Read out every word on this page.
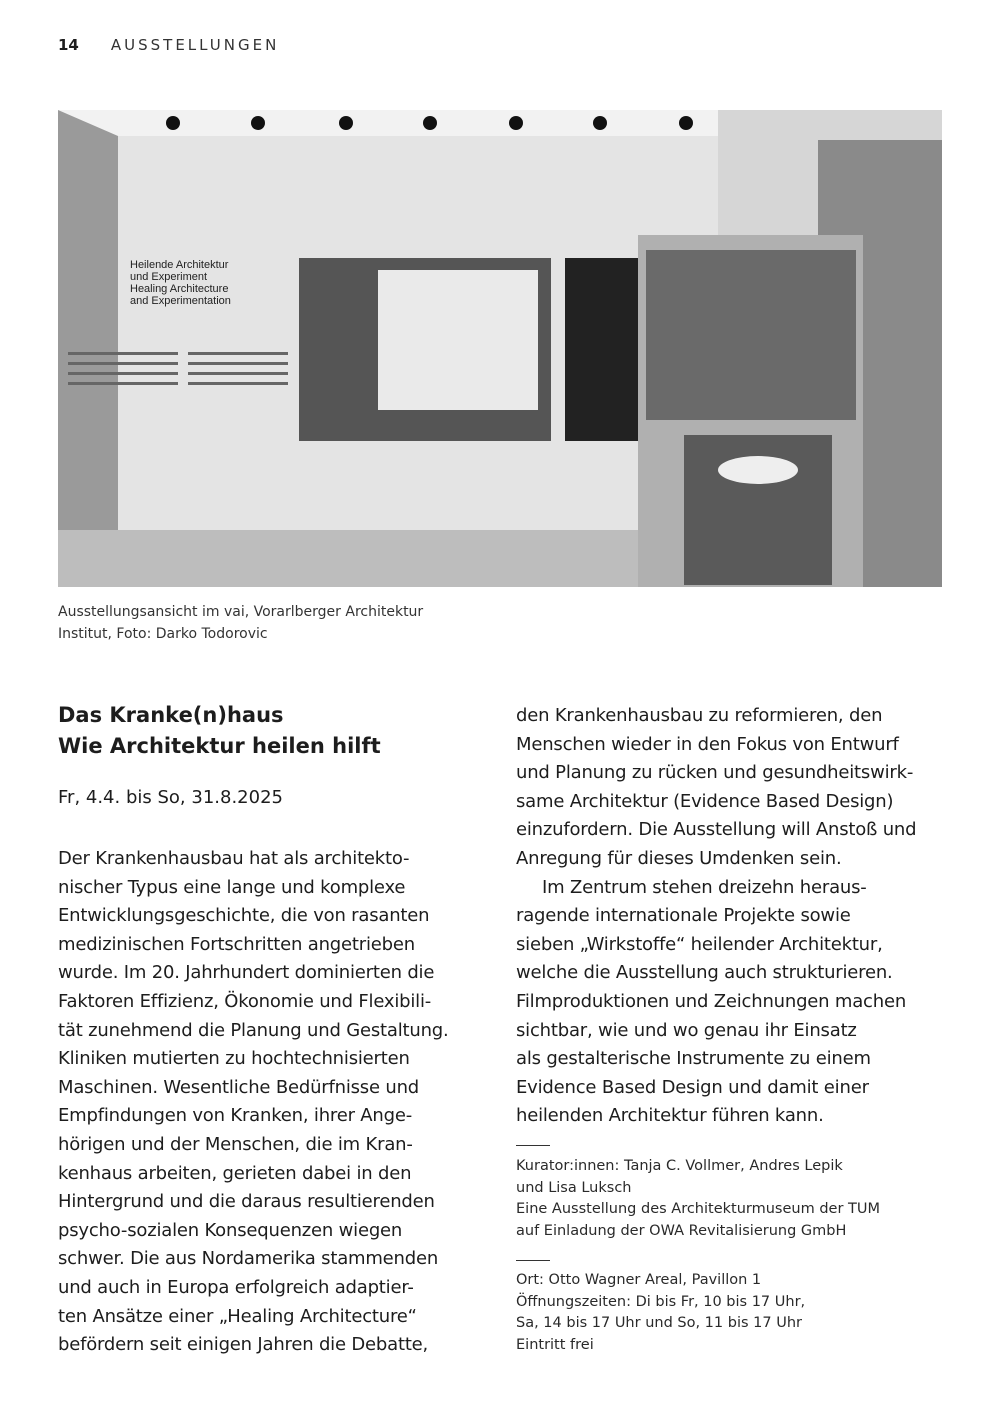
14 AUSSTELLUNGEN
Heilende Architektur
und Experiment
Healing Architecture
and Experimentation
Ausstellungsansicht im vai, Vorarlberger Architektur
Institut, Foto: Darko Todorovic
Das Kranke(n)haus
Wie Architektur heilen hilft
Fr, 4.4. bis So, 31.8.2025
Der Krankenhausbau hat als architekto-
nischer Typus eine lange und komplexe
Entwicklungsgeschichte, die von rasanten
medizinischen Fortschritten angetrieben
wurde. Im 20. Jahrhundert dominierten die
Faktoren Effizienz, Ökonomie und Flexibili-
tät zunehmend die Planung und Gestaltung.
Kliniken mutierten zu hochtechnisierten
Maschinen. Wesentliche Bedürfnisse und
Empfindungen von Kranken, ihrer Ange-
hörigen und der Menschen, die im Kran-
kenhaus arbeiten, gerieten dabei in den
Hintergrund und die daraus resultierenden
psycho-sozialen Konsequenzen wiegen
schwer. Die aus Nordamerika stammenden
und auch in Europa erfolgreich adaptier-
ten Ansätze einer „Healing Architecture“
befördern seit einigen Jahren die Debatte,
den Krankenhausbau zu reformieren, den
Menschen wieder in den Fokus von Entwurf
und Planung zu rücken und gesundheitswirk-
same Architektur (Evidence Based Design)
einzufordern. Die Ausstellung will Anstoß und
Anregung für dieses Umdenken sein.
Im Zentrum stehen dreizehn heraus-
ragende internationale Projekte sowie
sieben „Wirkstoffe“ heilender Architektur,
welche die Ausstellung auch strukturieren.
Filmproduktionen und Zeichnungen machen
sichtbar, wie und wo genau ihr Einsatz
als gestalterische Instrumente zu einem
Evidence Based Design und damit einer
heilenden Architektur führen kann.
Kurator:innen: Tanja C. Vollmer, Andres Lepik
und Lisa Luksch
Eine Ausstellung des Architekturmuseum der TUM
auf Einladung der OWA Revitalisierung GmbH
Ort: Otto Wagner Areal, Pavillon 1
Öffnungszeiten: Di bis Fr, 10 bis 17 Uhr,
Sa, 14 bis 17 Uhr und So, 11 bis 17 Uhr
Eintritt frei
